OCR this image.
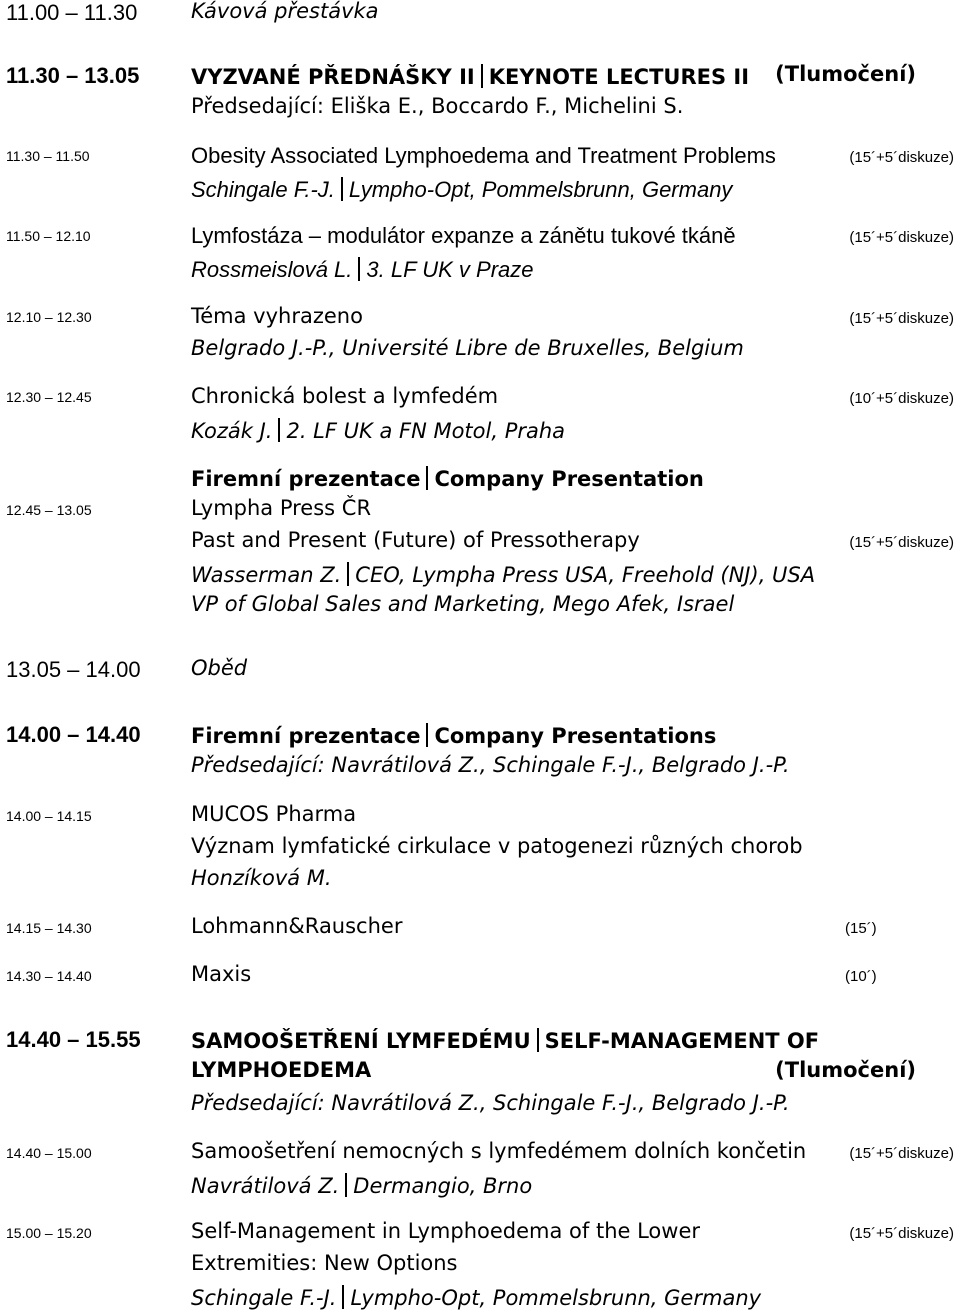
11.00 – 11.30	Kávová přestávka
11.30 – 13.05 VYZVANÉ PŘEDNÁŠKY II KEYNOTE LECTURES II (Tlumočení)
Předsedající: Eliška E., Boccardo F., Michelini S.
11.30 – 11.50	Obesity Associated Lymphoedema and Treatment Problems	(15´+5´diskuze)
Schingale F.-J. Lympho-Opt, Pommelsbrunn, Germany
11.50 – 12.10	Lymfostáza – modulátor expanze a zánětu tukové tkáně	(15´+5´diskuze)
Rossmeislová L. 3. LF UK v Praze
12.10 – 12.30	Téma vyhrazeno	(15´+5´diskuze)
Belgrado J.-P., Université Libre de Bruxelles, Belgium
12.30 – 12.45	Chronická bolest a lymfedém	(10´+5´diskuze)
Kozák J. 2. LF UK a FN Motol, Praha
Firemní prezentace Company Presentation
12.45 – 13.05	Lympha Press ČR
Past and Present (Future) of Pressotherapy	(15´+5´diskuze)
Wasserman Z. CEO, Lympha Press USA, Freehold (NJ), USA
VP of Global Sales and Marketing, Mego Afek, Israel
13.05 – 14.00 Oběd
14.00 – 14.40 Firemní prezentace Company Presentations
Předsedající: Navrátilová Z., Schingale F.-J., Belgrado J.-P.
14.00 – 14.15	MUCOS Pharma
Význam lymfatické cirkulace v patogenezi různých chorob
Honzíková M.
14.15 – 14.30	Lohmann&Rauscher	(15´)
14.30 – 14.40	Maxis	(10´)
14.40 – 15.55 SAMOOŠETŘENÍ LYMFEDÉMU SELF-MANAGEMENT OF
LYMPHOEDEMA	(Tlumočení)
Předsedající: Navrátilová Z., Schingale F.-J., Belgrado J.-P.
14.40 – 15.00	Samoošetření nemocných s lymfedémem dolních končetin	(15´+5´diskuze)
Navrátilová Z. Dermangio, Brno
15.00 – 15.20	Self-Management in Lymphoedema of the Lower	(15´+5´diskuze)
Extremities: New Options
Schingale F.-J. Lympho-Opt, Pommelsbrunn, Germany
